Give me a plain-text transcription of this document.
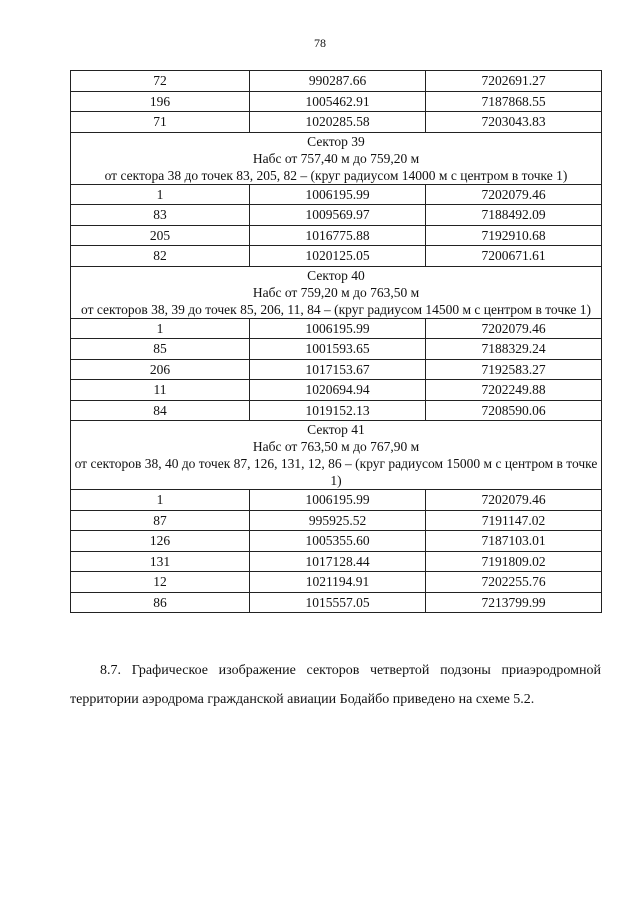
78
72	990287.66	7202691.27
196	1005462.91	7187868.55
71	1020285.58	7203043.83

Сектор 39
Набс от 757,40 м до 759,20 м
от сектора 38 до точек 83, 205, 82 – (круг радиусом 14000 м с центром в точке 1)		

1	1006195.99	7202079.46
83	1009569.97	7188492.09
205	1016775.88	7192910.68
82	1020125.05	7200671.61

Сектор 40
Набс от 759,20 м до 763,50 м
от секторов 38, 39 до точек 85, 206, 11, 84 – (круг радиусом 14500 м с центром в точке 1)		

1	1006195.99	7202079.46
85	1001593.65	7188329.24
206	1017153.67	7192583.27
11	1020694.94	7202249.88
84	1019152.13	7208590.06

Сектор 41
Набс от 763,50 м до 767,90 м
от секторов 38, 40 до точек 87, 126, 131, 12, 86 – (круг радиусом 15000 м с центром в точке 1)		

1	1006195.99	7202079.46
87	995925.52	7191147.02
126	1005355.60	7187103.01
131	1017128.44	7191809.02
12	1021194.91	7202255.76
86	1015557.05	7213799.99

8.7. Графическое изображение секторов четвертой подзоны приаэродромной территории аэродрома гражданской авиации Бодайбо приведено на схеме 5.2.
